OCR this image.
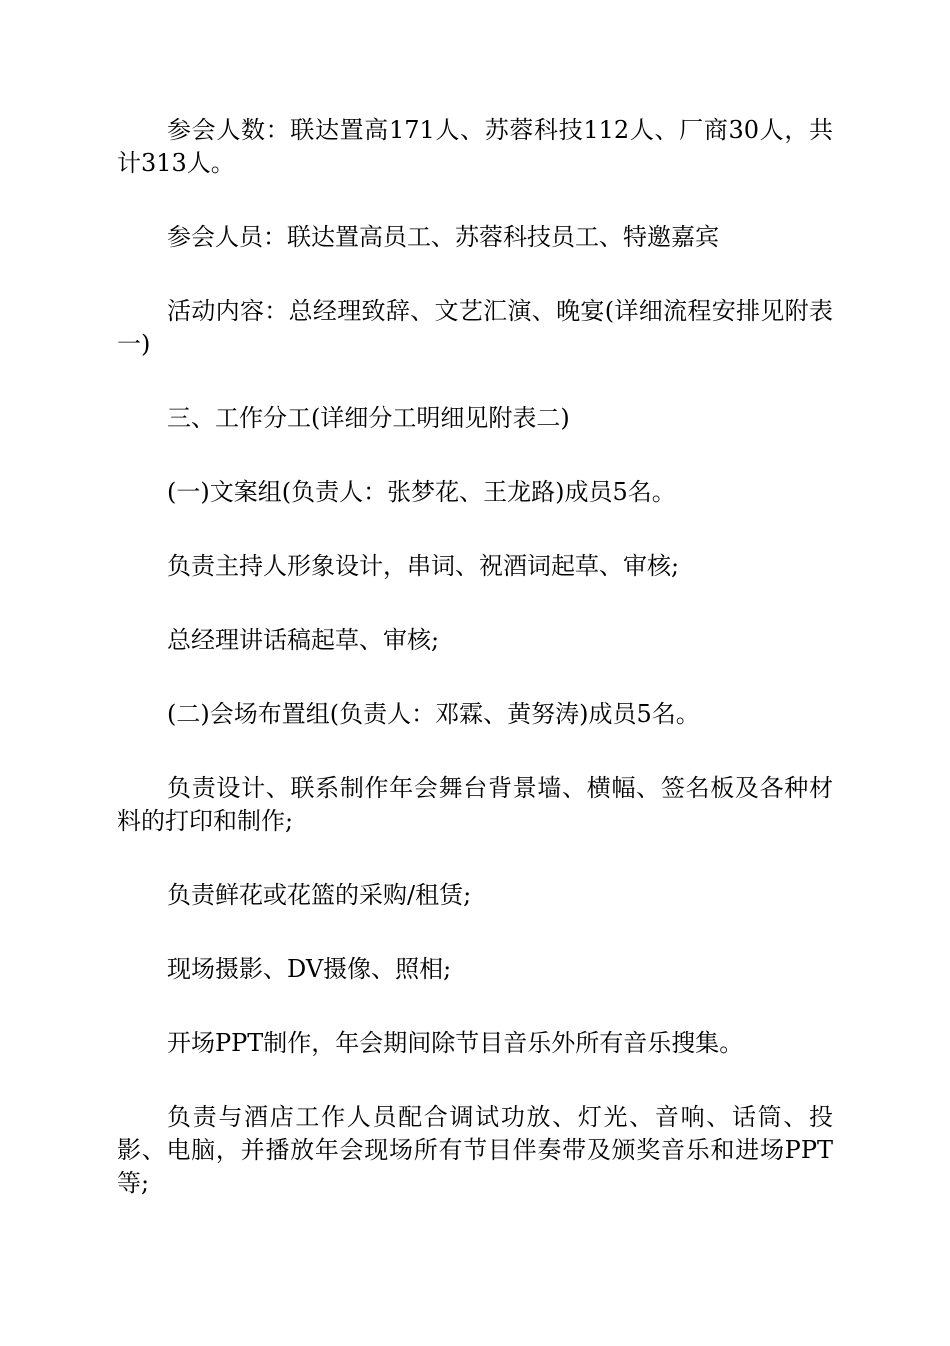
参会人数：联达置高171人、苏蓉科技112人、厂商30人，共计313人。

参会人员：联达置高员工、苏蓉科技员工、特邀嘉宾

活动内容：总经理致辞、文艺汇演、晚宴(详细流程安排见附表一)

三、工作分工(详细分工明细见附表二)

(一)文案组(负责人：张梦花、王龙路)成员5名。

负责主持人形象设计，串词、祝酒词起草、审核;

总经理讲话稿起草、审核;

(二)会场布置组(负责人：邓霖、黄努涛)成员5名。

负责设计、联系制作年会舞台背景墙、横幅、签名板及各种材料的打印和制作;

负责鲜花或花篮的采购/租赁;

现场摄影、DV摄像、照相;

开场PPT制作，年会期间除节目音乐外所有音乐搜集。

负责与酒店工作人员配合调试功放、灯光、音响、话筒、投影、电脑，并播放年会现场所有节目伴奏带及颁奖音乐和进场PPT等;
